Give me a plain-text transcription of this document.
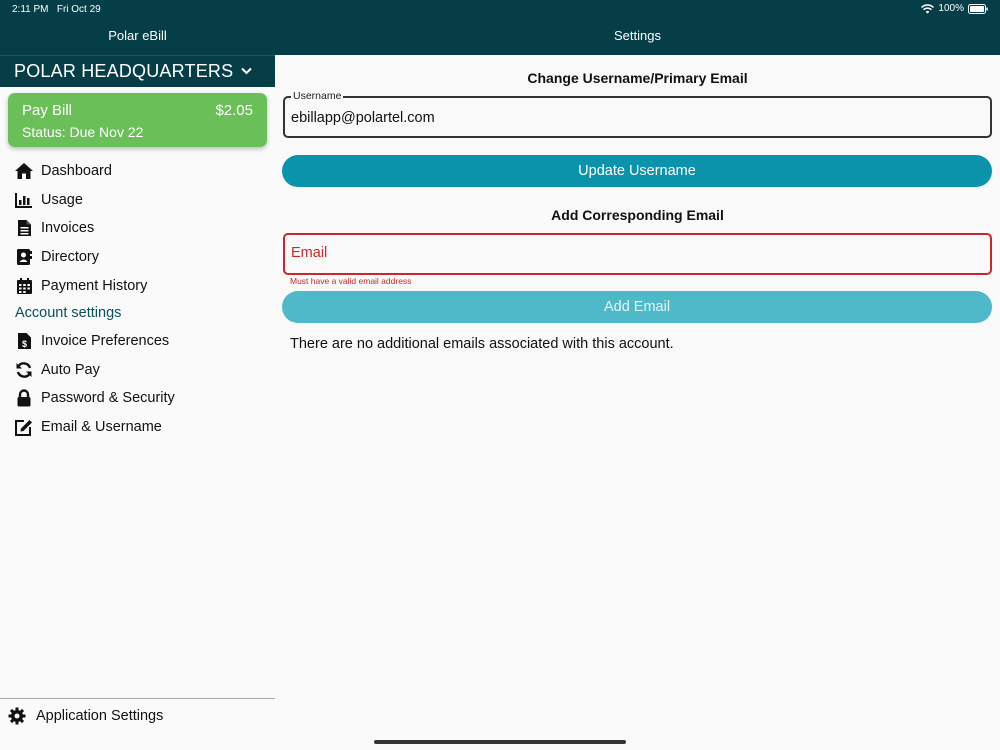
2:11 PM Fri Oct 29
Polar eBill
POLAR HEADQUARTERS
Pay Bill	$2.05
Status: Due Nov 22
Dashboard
Usage
Invoices
Directory
Payment History
Account settings
$ Invoice Preferences
Auto Pay
Password & Security
Email & Username
Application Settings
100%
Settings
Change Username/Primary Email
Username
ebillapp@polartel.com
Update Username
Add Corresponding Email
Email
Must have a valid email address
Add Email
There are no additional emails associated with this account.
